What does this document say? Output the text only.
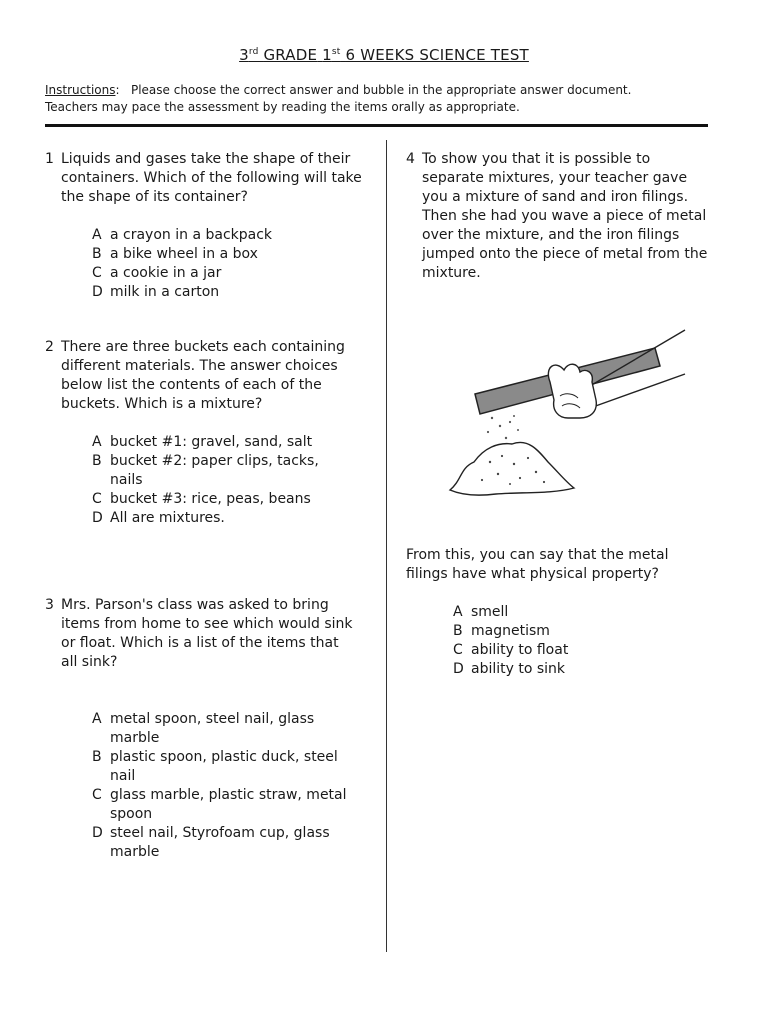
3rd GRADE 1st 6 WEEKS SCIENCE TEST
Instructions:   Please choose the correct answer and bubble in the appropriate answer document.
Teachers may pace the assessment by reading the items orally as appropriate.
1 Liquids and gases take the shape of their containers. Which of the following will take the shape of its container?
A a crayon in a backpack
B a bike wheel in a box
C a cookie in a jar
D milk in a carton
2 There are three buckets each containing different materials. The answer choices below list the contents of each of the buckets. Which is a mixture?
A bucket #1: gravel, sand, salt
B bucket #2: paper clips, tacks, nails
C bucket #3: rice, peas, beans
D All are mixtures.
3 Mrs. Parson's class was asked to bring items from home to see which would sink or float. Which is a list of the items that all sink?
A metal spoon, steel nail, glass marble
B plastic spoon, plastic duck, steel nail
C glass marble, plastic straw, metal spoon
D steel nail, Styrofoam cup, glass marble
4 To show you that it is possible to separate mixtures, your teacher gave you a mixture of sand and iron filings. Then she had you wave a piece of metal over the mixture, and the iron filings jumped onto the piece of metal from the mixture.
From this, you can say that the metal filings have what physical property?
A smell
B magnetism
C ability to float
D ability to sink
